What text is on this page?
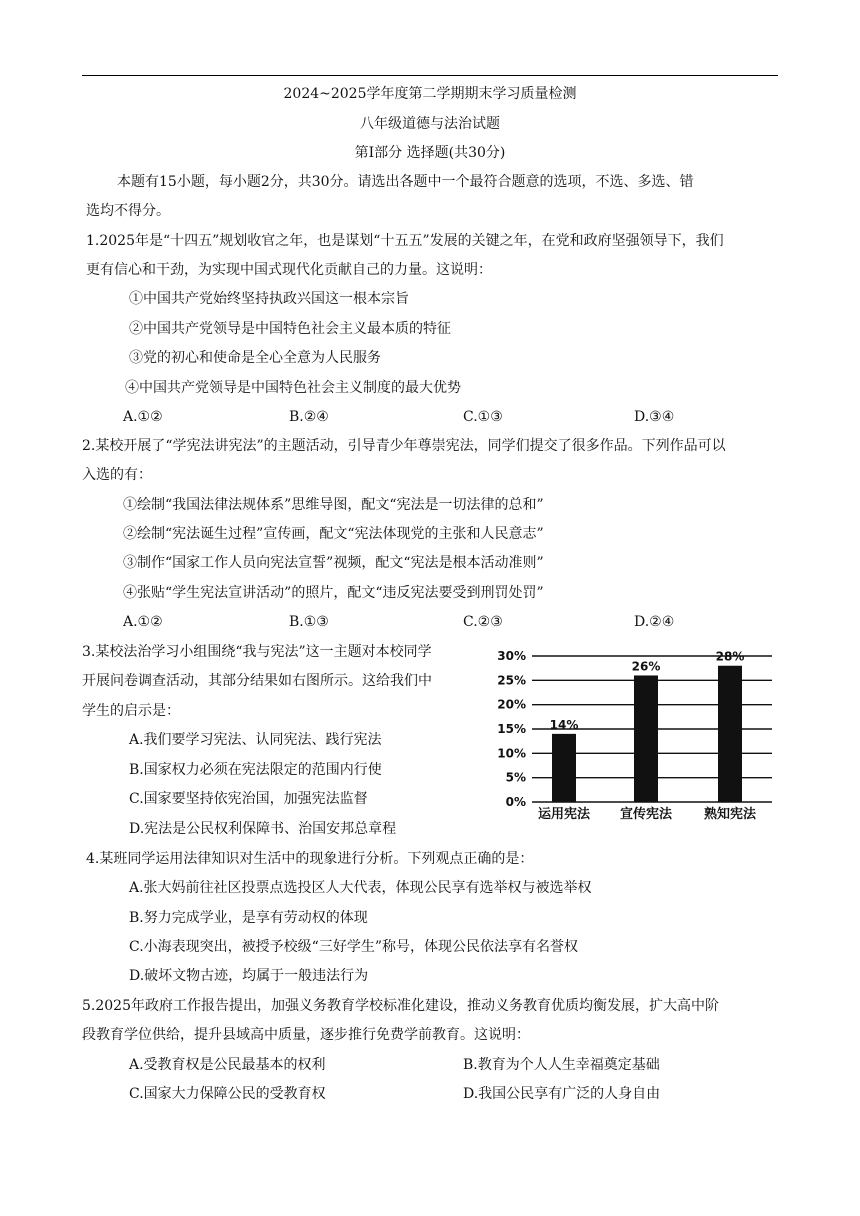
2024~2025学年度第二学期期末学习质量检测
八年级道德与法治试题
第Ⅰ部分 选择题(共30分)
本题有15小题，每小题2分，共30分。请选出各题中一个最符合题意的选项，不选、多选、错
选均不得分。
1.2025年是“十四五”规划收官之年，也是谋划“十五五”发展的关键之年，在党和政府坚强领导下，我们
更有信心和干劲，为实现中国式现代化贡献自己的力量。这说明：
①中国共产党始终坚持执政兴国这一根本宗旨
②中国共产党领导是中国特色社会主义最本质的特征
③党的初心和使命是全心全意为人民服务
④中国共产党领导是中国特色社会主义制度的最大优势
A.①②	B.②④	C.①③	D.③④
2.某校开展了“学宪法讲宪法”的主题活动，引导青少年尊崇宪法，同学们提交了很多作品。下列作品可以
入选的有：
①绘制“我国法律法规体系”思维导图，配文“宪法是一切法律的总和”
②绘制“宪法诞生过程”宣传画，配文“宪法体现党的主张和人民意志”
③制作“国家工作人员向宪法宣誓”视频，配文“宪法是根本活动准则”
④张贴“学生宪法宣讲活动”的照片，配文“违反宪法要受到刑罚处罚”
A.①②	B.①③	C.②③	D.②④
3.某校法治学习小组围绕“我与宪法”这一主题对本校同学
开展问卷调查活动，其部分结果如右图所示。这给我们中
学生的启示是：
A.我们要学习宪法、认同宪法、践行宪法
B.国家权力必须在宪法限定的范围内行使
C.国家要坚持依宪治国，加强宪法监督
D.宪法是公民权利保障书、治国安邦总章程
0%
5%
10%
15%
20%
25%
30%
14%
26%
28%
运用宪法 宣传宪法 熟知宪法
4.某班同学运用法律知识对生活中的现象进行分析。下列观点正确的是：
A.张大妈前往社区投票点选投区人大代表，体现公民享有选举权与被选举权
B.努力完成学业，是享有劳动权的体现
C.小海表现突出，被授予校级“三好学生”称号，体现公民依法享有名誉权
D.破坏文物古迹，均属于一般违法行为
5.2025年政府工作报告提出，加强义务教育学校标准化建设，推动义务教育优质均衡发展，扩大高中阶
段教育学位供给，提升县域高中质量，逐步推行免费学前教育。这说明：
A.受教育权是公民最基本的权利	B.教育为个人人生幸福奠定基础
C.国家大力保障公民的受教育权	D.我国公民享有广泛的人身自由
